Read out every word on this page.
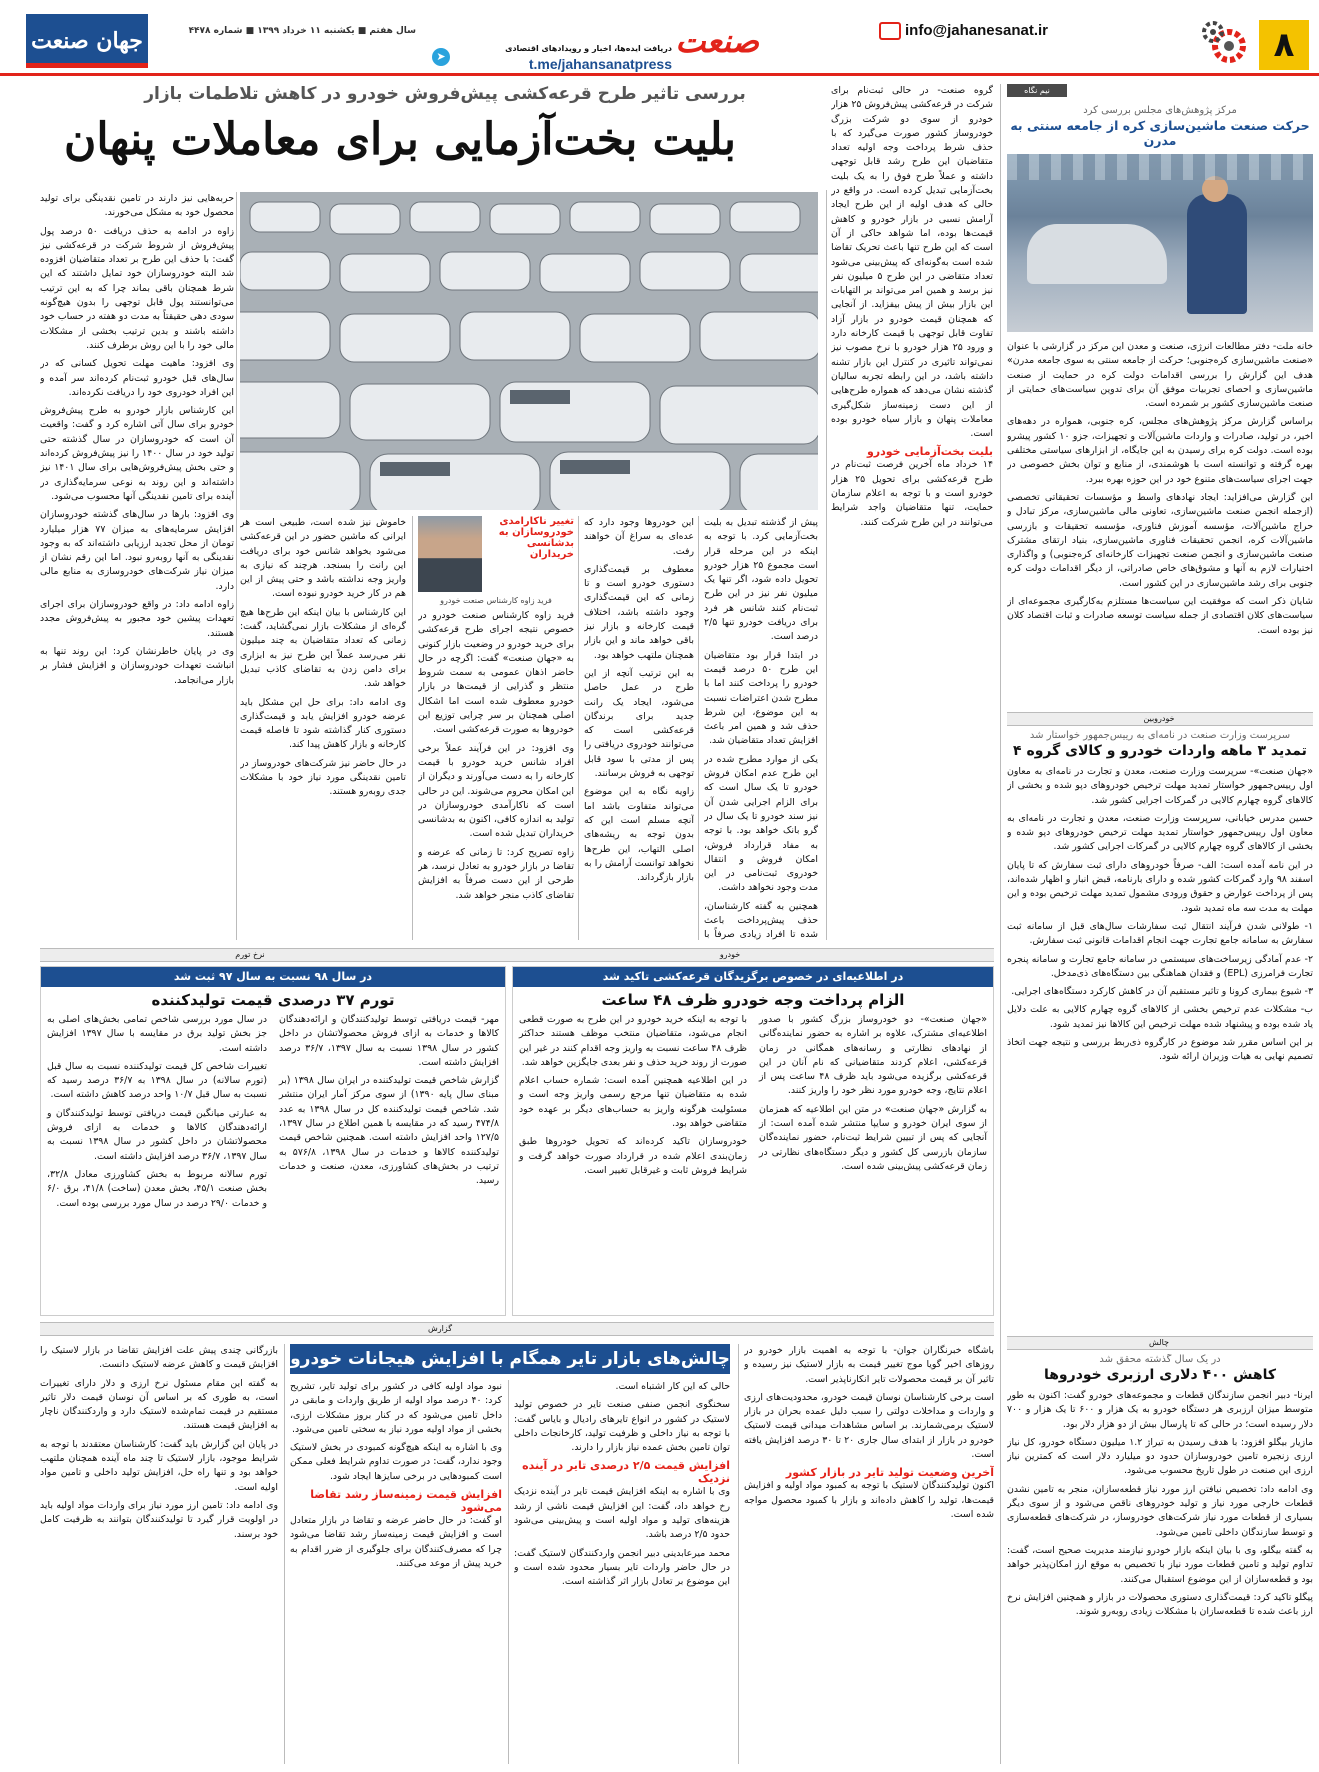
۸
info@jahanesanat.ir
صنعت
➤
دریافت ایده‌ها، اخبار و رویدادهای اقتصادی
t.me/jahansanatpress
سال هفتم ■ یکشنبه ۱۱ خرداد ۱۳۹۹ ■ شماره ۴۴۷۸
جهان صنعت
نیم نگاه
مرکز پژوهش‌های مجلس بررسی کرد
حرکت صنعت ماشین‌سازی کره از جامعه سنتی به مدرن

خانه ملت- دفتر مطالعات انرژی، صنعت و معدن این مرکز در گزارشی با عنوان «صنعت ماشین‌سازی کره‌جنوبی؛ حرکت از جامعه سنتی به سوی جامعه مدرن» هدف این گزارش را بررسی اقدامات دولت کره در حمایت از صنعت ماشین‌سازی و احصای تجربیات موفق آن برای تدوین سیاست‌های حمایتی از صنعت ماشین‌سازی کشور بر شمرده است.

براساس گزارش مرکز پژوهش‌های مجلس، کره جنوبی، همواره در دهه‌های اخیر، در تولید، صادرات و واردات ماشین‌آلات و تجهیزات، جزو ۱۰ کشور پیشرو بوده است. دولت کره برای رسیدن به این جایگاه، از ابزارهای سیاستی مختلفی بهره گرفته و توانسته است با هوشمندی، از منابع و توان بخش خصوصی در جهت اجرای سیاست‌های متنوع خود در این حوزه بهره ببرد.

این گزارش می‌افزاید: ایجاد نهادهای واسط و مؤسسات تحقیقاتی تخصصی (ازجمله انجمن صنعت ماشین‌سازی، تعاونی مالی ماشین‌سازی، مرکز تبادل و حراج ماشین‌آلات، مؤسسه آموزش فناوری، مؤسسه تحقیقات و بازرسی ماشین‌آلات کره، انجمن تحقیقات فناوری ماشین‌سازی، بنیاد ارتقای مشترک صنعت ماشین‌سازی و انجمن صنعت تجهیزات کارخانه‌ای کره‌جنوبی) و واگذاری اختیارات لازم به آنها و مشوق‌های خاص صادراتی، از دیگر اقدامات دولت کره جنوبی برای رشد ماشین‌سازی در این کشور است.

شایان ذکر است که موفقیت این سیاست‌ها مستلزم به‌کارگیری مجموعه‌ای از سیاست‌های کلان اقتصادی از جمله سیاست توسعه صادرات و ثبات اقتصاد کلان نیز بوده است.

خودروبین
سرپرست وزارت صنعت در نامه‌ای به رییس‌جمهور خواستار شد
تمدید ۳ ماهه واردات خودرو و کالای گروه ۴

«جهان صنعت»- سرپرست وزارت صنعت، معدن و تجارت در نامه‌ای به معاون اول رییس‌جمهور خواستار تمدید مهلت ترخیص خودروهای دپو شده و بخشی از کالاهای گروه چهارم کالایی در گمرکات اجرایی کشور شد.

حسین مدرس خیابانی، سرپرست وزارت صنعت، معدن و تجارت در نامه‌ای به معاون اول رییس‌جمهور خواستار تمدید مهلت ترخیص خودروهای دپو شده و بخشی از کالاهای گروه چهارم کالایی در گمرکات اجرایی کشور شد.

در این نامه آمده است: الف- صرفاً خودروهای دارای ثبت سفارش که تا پایان اسفند ۹۸ وارد گمرکات کشور شده و دارای بارنامه، قبض انبار و اظهار شده‌اند، پس از پرداخت عوارض و حقوق ورودی مشمول تمدید مهلت ترخیص بوده و این مهلت به مدت سه ماه تمدید شود.

۱- طولانی شدن فرآیند انتقال ثبت سفارشات سال‌های قبل از سامانه ثبت سفارش به سامانه جامع تجارت جهت انجام اقدامات قانونی ثبت سفارش.

۲- عدم آمادگی زیرساخت‌های سیستمی در سامانه جامع تجارت و سامانه پنجره تجارت فرامرزی (EPL) و فقدان هماهنگی بین دستگاه‌های ذی‌مدخل.

۳- شیوع بیماری کرونا و تاثیر مستقیم آن در کاهش کارکرد دستگاه‌های اجرایی.

ب- مشکلات عدم ترخیص بخشی از کالاهای گروه چهارم کالایی به علت دلایل یاد شده بوده و پیشنهاد شده مهلت ترخیص این کالاها نیز تمدید شود.

بر این اساس مقرر شد موضوع در کارگروه ذی‌ربط بررسی و نتیجه جهت اتخاذ تصمیم نهایی به هیات وزیران ارائه شود.

چالش
در یک سال گذشته محقق شد
کاهش ۴۰۰ دلاری ارزبری خودروها

ایرنا- دبیر انجمن سازندگان قطعات و مجموعه‌های خودرو گفت: اکنون به طور متوسط میزان ارزبری هر دستگاه خودرو به یک هزار و ۶۰۰ تا یک هزار و ۷۰۰ دلار رسیده است؛ در حالی که تا پارسال بیش از دو هزار دلار بود.

مازیار بیگلو افزود: با هدف رسیدن به تیراژ ۱.۲ میلیون دستگاه خودرو، کل نیاز ارزی زنجیره تامین خودروسازان حدود دو میلیارد دلار است که کمترین نیاز ارزی این صنعت در طول تاریخ محسوب می‌شود.

وی ادامه داد: تخصیص نیافتن ارز مورد نیاز قطعه‌سازان، منجر به تامین نشدن قطعات خارجی مورد نیاز و تولید خودروهای ناقص می‌شود و از سوی دیگر بسیاری از قطعات مورد نیاز شرکت‌های خودروساز، در شرکت‌های قطعه‌سازی و توسط سازندگان داخلی تامین می‌شود.

به گفته بیگلو، وی با بیان اینکه بازار خودرو نیازمند مدیریت صحیح است، گفت: تداوم تولید و تامین قطعات مورد نیاز با تخصیص به موقع ارز امکان‌پذیر خواهد بود و قطعه‌سازان از این موضوع استقبال می‌کنند.

پیگلو تاکید کرد: قیمت‌گذاری دستوری محصولات در بازار و همچنین افزایش نرخ ارز باعث شده تا قطعه‌سازان با مشکلات زیادی روبه‌رو شوند.

بررسی تاثیر طرح قرعه‌کشی پیش‌فروش خودرو در کاهش تلاطمات بازار
بلیت بخت‌آزمایی برای معاملات پنهان

گروه صنعت- در حالی ثبت‌نام برای شرکت در قرعه‌کشی پیش‌فروش ۲۵ هزار خودرو از سوی دو شرکت بزرگ خودروساز کشور صورت می‌گیرد که با حذف شرط پرداخت وجه اولیه تعداد متقاضیان این طرح رشد قابل توجهی داشته و عملاً طرح فوق را به یک بلیت بخت‌آزمایی تبدیل کرده است. در واقع در حالی که هدف اولیه از این طرح ایجاد آرامش نسبی در بازار خودرو و کاهش قیمت‌ها بوده، اما شواهد حاکی از آن است که این طرح تنها باعث تحریک تقاضا شده است به‌گونه‌ای که پیش‌بینی می‌شود تعداد متقاضی در این طرح ۵ میلیون نفر نیز برسد و همین امر می‌تواند بر التهابات این بازار بیش از پیش بیفزاید. از آنجایی که همچنان قیمت خودرو در بازار آزاد تفاوت قابل توجهی با قیمت کارخانه دارد و ورود ۲۵ هزار خودرو با نرخ مصوب نیز نمی‌تواند تاثیری در کنترل این بازار تشنه داشته باشد، در این رابطه تجربه سالیان گذشته نشان می‌دهد که همواره طرح‌هایی از این دست زمینه‌ساز شکل‌گیری معاملات پنهان و بازار سیاه خودرو بوده است.

بلیت بخت‌آزمایی خودرو

۱۴ خرداد ماه آخرین فرصت ثبت‌نام در طرح قرعه‌کشی برای تحویل ۲۵ هزار خودرو است و با توجه به اعلام سازمان حمایت، تنها متقاضیان واجد شرایط می‌توانند در این طرح شرکت کنند.

حربه‌هایی نیز دارند در تامین نقدینگی برای تولید محصول خود به مشکل می‌خورند.

زاوه در ادامه به حذف دریافت ۵۰ درصد پول پیش‌فروش از شروط شرکت در قرعه‌کشی نیز گفت: با حذف این طرح بر تعداد متقاضیان افزوده شد البته خودروسازان خود تمایل داشتند که این شرط همچنان باقی بماند چرا که به این ترتیب می‌توانستند پول قابل توجهی را بدون هیچ‌گونه سودی دهی حقیقتاً به مدت دو هفته در حساب خود داشته باشند و بدین ترتیب بخشی از مشکلات مالی خود را با این روش برطرف کنند.

وی افزود: ماهیت مهلت تحویل کسانی که در سال‌های قبل خودرو ثبت‌نام کرده‌اند سر آمده و این افراد خودروی خود را دریافت نکرده‌اند.

این کارشناس بازار خودرو به طرح پیش‌فروش خودرو برای سال آتی اشاره کرد و گفت: واقعیت آن است که خودروسازان در سال گذشته حتی تولید خود در سال ۱۴۰۰ را نیز پیش‌فروش کرده‌اند و حتی بخش پیش‌فروش‌هایی برای سال ۱۴۰۱ نیز داشته‌اند و این روند به نوعی سرمایه‌گذاری در آینده برای تامین نقدینگی آنها محسوب می‌شود.

وی افزود: بارها در سال‌های گذشته خودروسازان افزایش سرمایه‌های به میزان ۷۷ هزار میلیارد تومان از محل تجدید ارزیابی داشته‌اند که به وجود نقدینگی به آنها روبه‌رو نبود. اما این رقم نشان از میزان نیاز شرکت‌های خودروسازی به منابع مالی دارد.

زاوه ادامه داد: در واقع خودروسازان برای اجرای تعهدات پیشین خود مجبور به پیش‌فروش مجدد هستند.

وی در پایان خاطرنشان کرد: این روند تنها به انباشت تعهدات خودروسازان و افزایش فشار بر بازار می‌انجامد.

پیش از گذشته تبدیل به بلیت بخت‌آزمایی کرد. با توجه به اینکه در این مرحله قرار است مجموع ۲۵ هزار خودرو تحویل داده شود، اگر تنها یک میلیون نفر نیز در این طرح ثبت‌نام کنند شانس هر فرد برای دریافت خودرو تنها ۲/۵ درصد است.

در ابتدا قرار بود متقاضیان این طرح ۵۰ درصد قیمت خودرو را پرداخت کنند اما با مطرح شدن اعتراضات نسبت به این موضوع، این شرط حذف شد و همین امر باعث افزایش تعداد متقاضیان شد.

یکی از موارد مطرح شده در این طرح عدم امکان فروش خودرو تا یک سال است که برای الزام اجرایی شدن آن نیز سند خودرو تا یک سال در گرو بانک خواهد بود. با توجه به مفاد قرارداد فروش، امکان فروش و انتقال خودروی ثبت‌نامی در این مدت وجود نخواهد داشت.

همچنین به گفته کارشناسان، حذف پیش‌پرداخت باعث شده تا افراد زیادی صرفاً با

این خودروها وجود دارد که عده‌ای به سراغ آن خواهند رفت.

معطوف بر قیمت‌گذاری دستوری خودرو است و تا زمانی که این قیمت‌گذاری وجود داشته باشد، اختلاف قیمت کارخانه و بازار نیز باقی خواهد ماند و این بازار همچنان ملتهب خواهد بود.

به این ترتیب آنچه از این طرح در عمل حاصل می‌شود، ایجاد یک رانت جدید برای برندگان قرعه‌کشی است که می‌توانند خودروی دریافتی را پس از مدتی با سود قابل توجهی به فروش برسانند.

زاویه نگاه به این موضوع می‌تواند متفاوت باشد اما آنچه مسلم است این که بدون توجه به ریشه‌های اصلی التهاب، این طرح‌ها نخواهد توانست آرامش را به بازار بازگرداند.

تغییر ناکارآمدی خودروسازان به بدشانسی خریداران
فرید زاوه کارشناس صنعت خودرو

فرید زاوه کارشناس صنعت خودرو در خصوص نتیجه اجرای طرح قرعه‌کشی برای خرید خودرو در وضعیت بازار کنونی به «جهان صنعت» گفت: اگرچه در حال حاضر اذهان عمومی به سمت شروط منتظر و گذرایی از قیمت‌ها در بازار خودرو معطوف شده است اما اشکال اصلی همچنان بر سر چرایی توزیع این خودروها به صورت قرعه‌کشی است.

وی افزود: در این فرآیند عملاً برخی افراد شانس خرید خودرو با قیمت کارخانه را به دست می‌آورند و دیگران از این امکان محروم می‌شوند. این در حالی است که ناکارآمدی خودروسازان در تولید به اندازه کافی، اکنون به بدشانسی خریداران تبدیل شده است.

زاوه تصریح کرد: تا زمانی که عرضه و تقاضا در بازار خودرو به تعادل نرسد، هر طرحی از این دست صرفاً به افزایش تقاضای کاذب منجر خواهد شد.

خاموش نیز شده است، طبیعی است هر ایرانی که ماشین حضور در این قرعه‌کشی می‌شود بخواهد شانس خود برای دریافت این رانت را بسنجد. هرچند که نیازی به واریز وجه نداشته باشد و حتی پیش از این هم در کار خرید خودرو نبوده است.

این کارشناس با بیان اینکه این طرح‌ها هیچ گره‌ای از مشکلات بازار نمی‌گشاید، گفت: زمانی که تعداد متقاضیان به چند میلیون نفر می‌رسد عملاً این طرح نیز به ابزاری برای دامن زدن به تقاضای کاذب تبدیل خواهد شد.

وی ادامه داد: برای حل این مشکل باید عرضه خودرو افزایش یابد و قیمت‌گذاری دستوری کنار گذاشته شود تا فاصله قیمت کارخانه و بازار کاهش پیدا کند.

در حال حاضر نیز شرکت‌های خودروساز در تامین نقدینگی مورد نیاز خود با مشکلات جدی روبه‌رو هستند.

خودرو
نرخ تورم
در اطلاعیه‌ای در خصوص برگزیدگان قرعه‌کشی تاکید شد
الزام پرداخت وجه خودرو ظرف ۴۸ ساعت

«جهان صنعت»- دو خودروساز بزرگ کشور با صدور اطلاعیه‌ای مشترک، علاوه بر اشاره به حضور نماینده‌گانی از نهادهای نظارتی و رسانه‌های همگانی در زمان قرعه‌کشی، اعلام کردند متقاضیانی که نام آنان در این قرعه‌کشی برگزیده می‌شود باید ظرف ۴۸ ساعت پس از اعلام نتایج، وجه خودرو مورد نظر خود را واریز کنند.

به گزارش «جهان صنعت» در متن این اطلاعیه که همزمان از سوی ایران خودرو و سایپا منتشر شده آمده است: از آنجایی که پس از تبیین شرایط ثبت‌نام، حضور نماینده‌گان سازمان بازرسی کل کشور و دیگر دستگاه‌های نظارتی در زمان قرعه‌کشی پیش‌بینی شده است.

با توجه به اینکه خرید خودرو در این طرح به صورت قطعی انجام می‌شود، متقاضیان منتخب موظف هستند حداکثر ظرف ۴۸ ساعت نسبت به واریز وجه اقدام کنند در غیر این صورت از روند خرید حذف و نفر بعدی جایگزین خواهد شد.

در این اطلاعیه همچنین آمده است: شماره حساب اعلام شده به متقاضیان تنها مرجع رسمی واریز وجه است و مسئولیت هرگونه واریز به حساب‌های دیگر بر عهده خود متقاضی خواهد بود.

خودروسازان تاکید کرده‌اند که تحویل خودروها طبق زمان‌بندی اعلام شده در قرارداد صورت خواهد گرفت و شرایط فروش ثابت و غیرقابل تغییر است.

در سال ۹۸ نسبت به سال ۹۷ ثبت شد
تورم ۳۷ درصدی قیمت تولیدکننده

مهر- قیمت دریافتی توسط تولیدکنندگان و ارائه‌دهندگان کالاها و خدمات به ازای فروش محصولاتشان در داخل کشور در سال ۱۳۹۸ نسبت به سال ۱۳۹۷، ۳۶/۷ درصد افزایش داشته است.

گزارش شاخص قیمت تولیدکننده در ایران سال ۱۳۹۸ (بر مبنای سال پایه ۱۳۹۰) از سوی مرکز آمار ایران منتشر شد. شاخص قیمت تولیدکننده کل در سال ۱۳۹۸ به عدد ۴۷۴/۸ رسید که در مقایسه با همین اطلاع در سال ۱۳۹۷، ۱۲۷/۵ واحد افزایش داشته است. همچنین شاخص قیمت تولیدکننده کالاها و خدمات در سال ۱۳۹۸، ۵۷۶/۸ به ترتیب در بخش‌های کشاورزی، معدن، صنعت و خدمات رسید.

در سال مورد بررسی شاخص تمامی بخش‌های اصلی به جز بخش تولید برق در مقایسه با سال ۱۳۹۷ افزایش داشته است.

تغییرات شاخص کل قیمت تولیدکننده نسبت به سال قبل (تورم سالانه) در سال ۱۳۹۸ به ۳۶/۷ درصد رسید که نسبت به سال قبل ۱۰/۷ واحد درصد کاهش داشته است.

به عبارتی میانگین قیمت دریافتی توسط تولیدکنندگان و ارائه‌دهندگان کالاها و خدمات به ازای فروش محصولاتشان در داخل کشور در سال ۱۳۹۸ نسبت به سال ۱۳۹۷، ۳۶/۷ درصد افزایش داشته است.

تورم سالانه مربوط به بخش کشاورزی معادل ۳۲/۸، بخش صنعت ۴۵/۱، بخش معدن (ساخت) ۴۱/۸، برق ۶/۰ و خدمات ۲۹/۰ درصد در سال مورد بررسی بوده است.

گزارش
چالش‌های بازار تایر همگام با افزایش هیجانات خودرو باشگاه خبرنگاران جوان- با توجه به اهمیت بازار خودرو در روزهای اخیر گویا موج تغییر قیمت به بازار لاستیک نیز رسیده و تاثیر آن بر قیمت محصولات تایر انکارناپذیر است.

است برخی کارشناسان نوسان قیمت خودرو، محدودیت‌های ارزی و واردات و مداخلات دولتی را سبب دلیل عمده بحران در بازار لاستیک برمی‌شمارند. بر اساس مشاهدات میدانی قیمت لاستیک خودرو در بازار از ابتدای سال جاری ۲۰ تا ۳۰ درصد افزایش یافته است.

آخرین وضعیت تولید تایر در بازار کشور

اکنون تولیدکنندگان لاستیک با توجه به کمبود مواد اولیه و افزایش قیمت‌ها، تولید را کاهش داده‌اند و بازار با کمبود محصول مواجه شده است.

حالی که این کار اشتباه است.

سخنگوی انجمن صنفی صنعت تایر در خصوص تولید لاستیک در کشور در انواع تایرهای رادیال و بایاس گفت: با توجه به نیاز داخلی و ظرفیت تولید، کارخانجات داخلی توان تامین بخش عمده نیاز بازار را دارند.

افزایش قیمت ۲/۵ درصدی تایر در آینده نزدیک

وی با اشاره به اینکه افزایش قیمت تایر در آینده نزدیک رخ خواهد داد، گفت: این افزایش قیمت ناشی از رشد هزینه‌های تولید و مواد اولیه است و پیش‌بینی می‌شود حدود ۲/۵ درصد باشد.

محمد میرعابدینی دبیر انجمن واردکنندگان لاستیک گفت: در حال حاضر واردات تایر بسیار محدود شده است و این موضوع بر تعادل بازار اثر گذاشته است.

نبود مواد اولیه کافی در کشور برای تولید تایر، تشریح کرد: ۴۰ درصد مواد اولیه از طریق واردات و مابقی در داخل تامین می‌شود که در کنار بروز مشکلات ارزی، بخشی از مواد اولیه مورد نیاز به سختی تامین می‌شود.

وی با اشاره به اینکه هیچ‌گونه کمبودی در بخش لاستیک وجود ندارد، گفت: در صورت تداوم شرایط فعلی ممکن است کمبودهایی در برخی سایزها ایجاد شود.

افزایش قیمت زمینه‌ساز رشد تقاضا می‌شود

او گفت: در حال حاضر عرضه و تقاضا در بازار متعادل است و افزایش قیمت زمینه‌ساز رشد تقاضا می‌شود چرا که مصرف‌کنندگان برای جلوگیری از ضرر اقدام به خرید پیش از موعد می‌کنند.

بازرگانی چندی پیش علت افزایش تقاضا در بازار لاستیک را افزایش قیمت و کاهش عرضه لاستیک دانست.

به گفته این مقام مسئول نرخ ارزی و دلار دارای تغییرات است، به طوری که بر اساس آن نوسان قیمت دلار تاثیر مستقیم در قیمت تمام‌شده لاستیک دارد و واردکنندگان ناچار به افزایش قیمت هستند.

در پایان این گزارش باید گفت: کارشناسان معتقدند با توجه به شرایط موجود، بازار لاستیک تا چند ماه آینده همچنان ملتهب خواهد بود و تنها راه حل، افزایش تولید داخلی و تامین مواد اولیه است.

وی ادامه داد: تامین ارز مورد نیاز برای واردات مواد اولیه باید در اولویت قرار گیرد تا تولیدکنندگان بتوانند به ظرفیت کامل خود برسند.
